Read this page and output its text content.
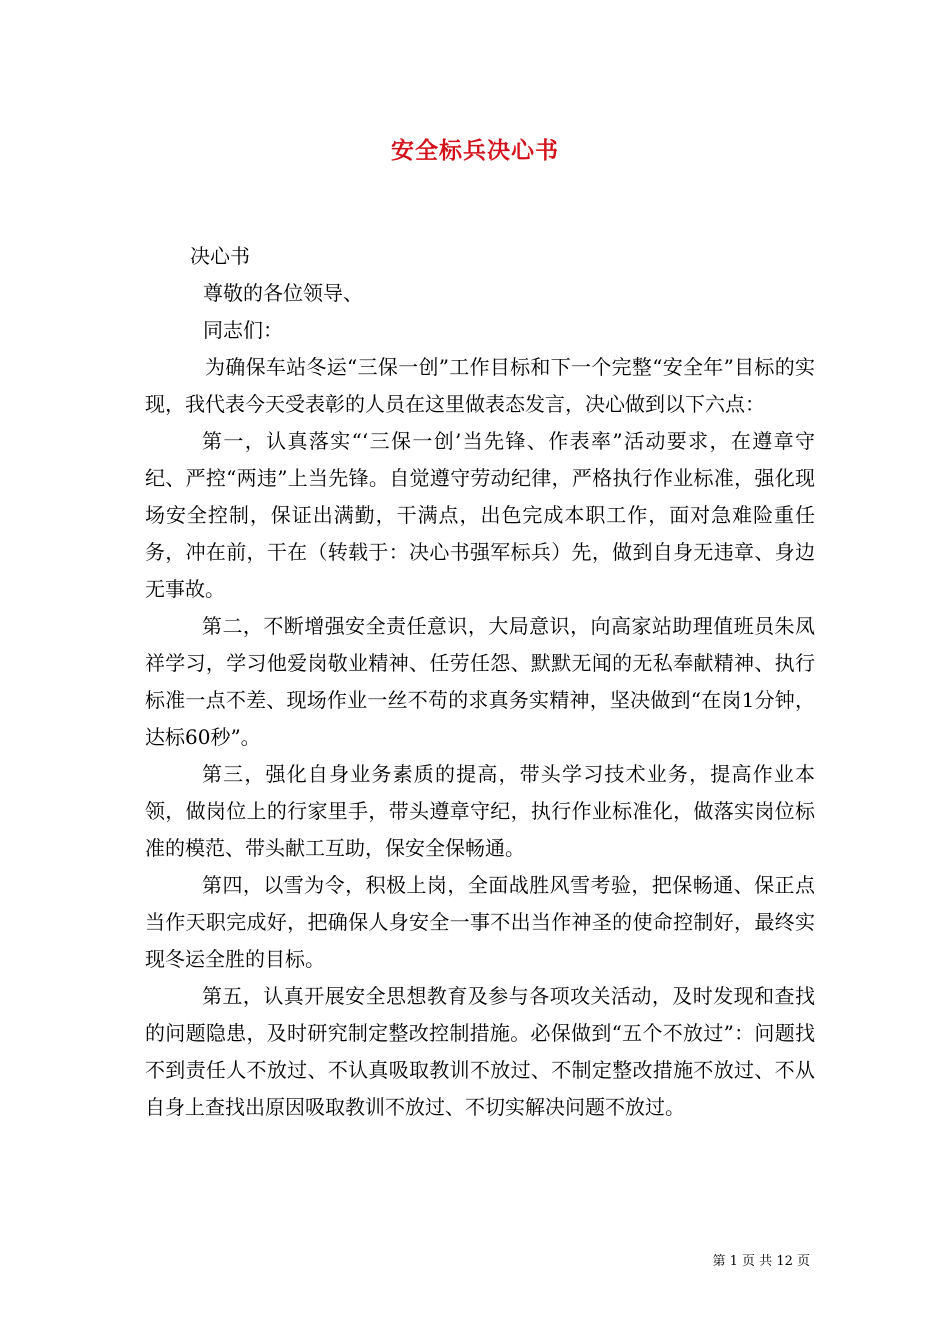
安全标兵决心书

决心书

尊敬的各位领导、

同志们：

为确保车站冬运“三保一创”工作目标和下一个完整“安全年”目标的实现，我代表今天受表彰的人员在这里做表态发言，决心做到以下六点：

第一，认真落实“‘三保一创’当先锋、作表率”活动要求，在遵章守纪、严控“两违”上当先锋。自觉遵守劳动纪律，严格执行作业标准，强化现场安全控制，保证出满勤，干满点，出色完成本职工作，面对急难险重任务，冲在前，干在（转载于：决心书强军标兵）先，做到自身无违章、身边无事故。

第二，不断增强安全责任意识，大局意识，向高家站助理值班员朱凤祥学习，学习他爱岗敬业精神、任劳任怨、默默无闻的无私奉献精神、执行标准一点不差、现场作业一丝不苟的求真务实精神，坚决做到“在岗1分钟，达标60秒”。

第三，强化自身业务素质的提高，带头学习技术业务，提高作业本领，做岗位上的行家里手，带头遵章守纪，执行作业标准化，做落实岗位标准的模范、带头献工互助，保安全保畅通。

第四，以雪为令，积极上岗，全面战胜风雪考验，把保畅通、保正点当作天职完成好，把确保人身安全一事不出当作神圣的使命控制好，最终实现冬运全胜的目标。

第五，认真开展安全思想教育及参与各项攻关活动，及时发现和查找的问题隐患，及时研究制定整改控制措施。必保做到“五个不放过”：问题找不到责任人不放过、不认真吸取教训不放过、不制定整改措施不放过、不从自身上查找出原因吸取教训不放过、不切实解决问题不放过。

第 1 页 共 12 页
